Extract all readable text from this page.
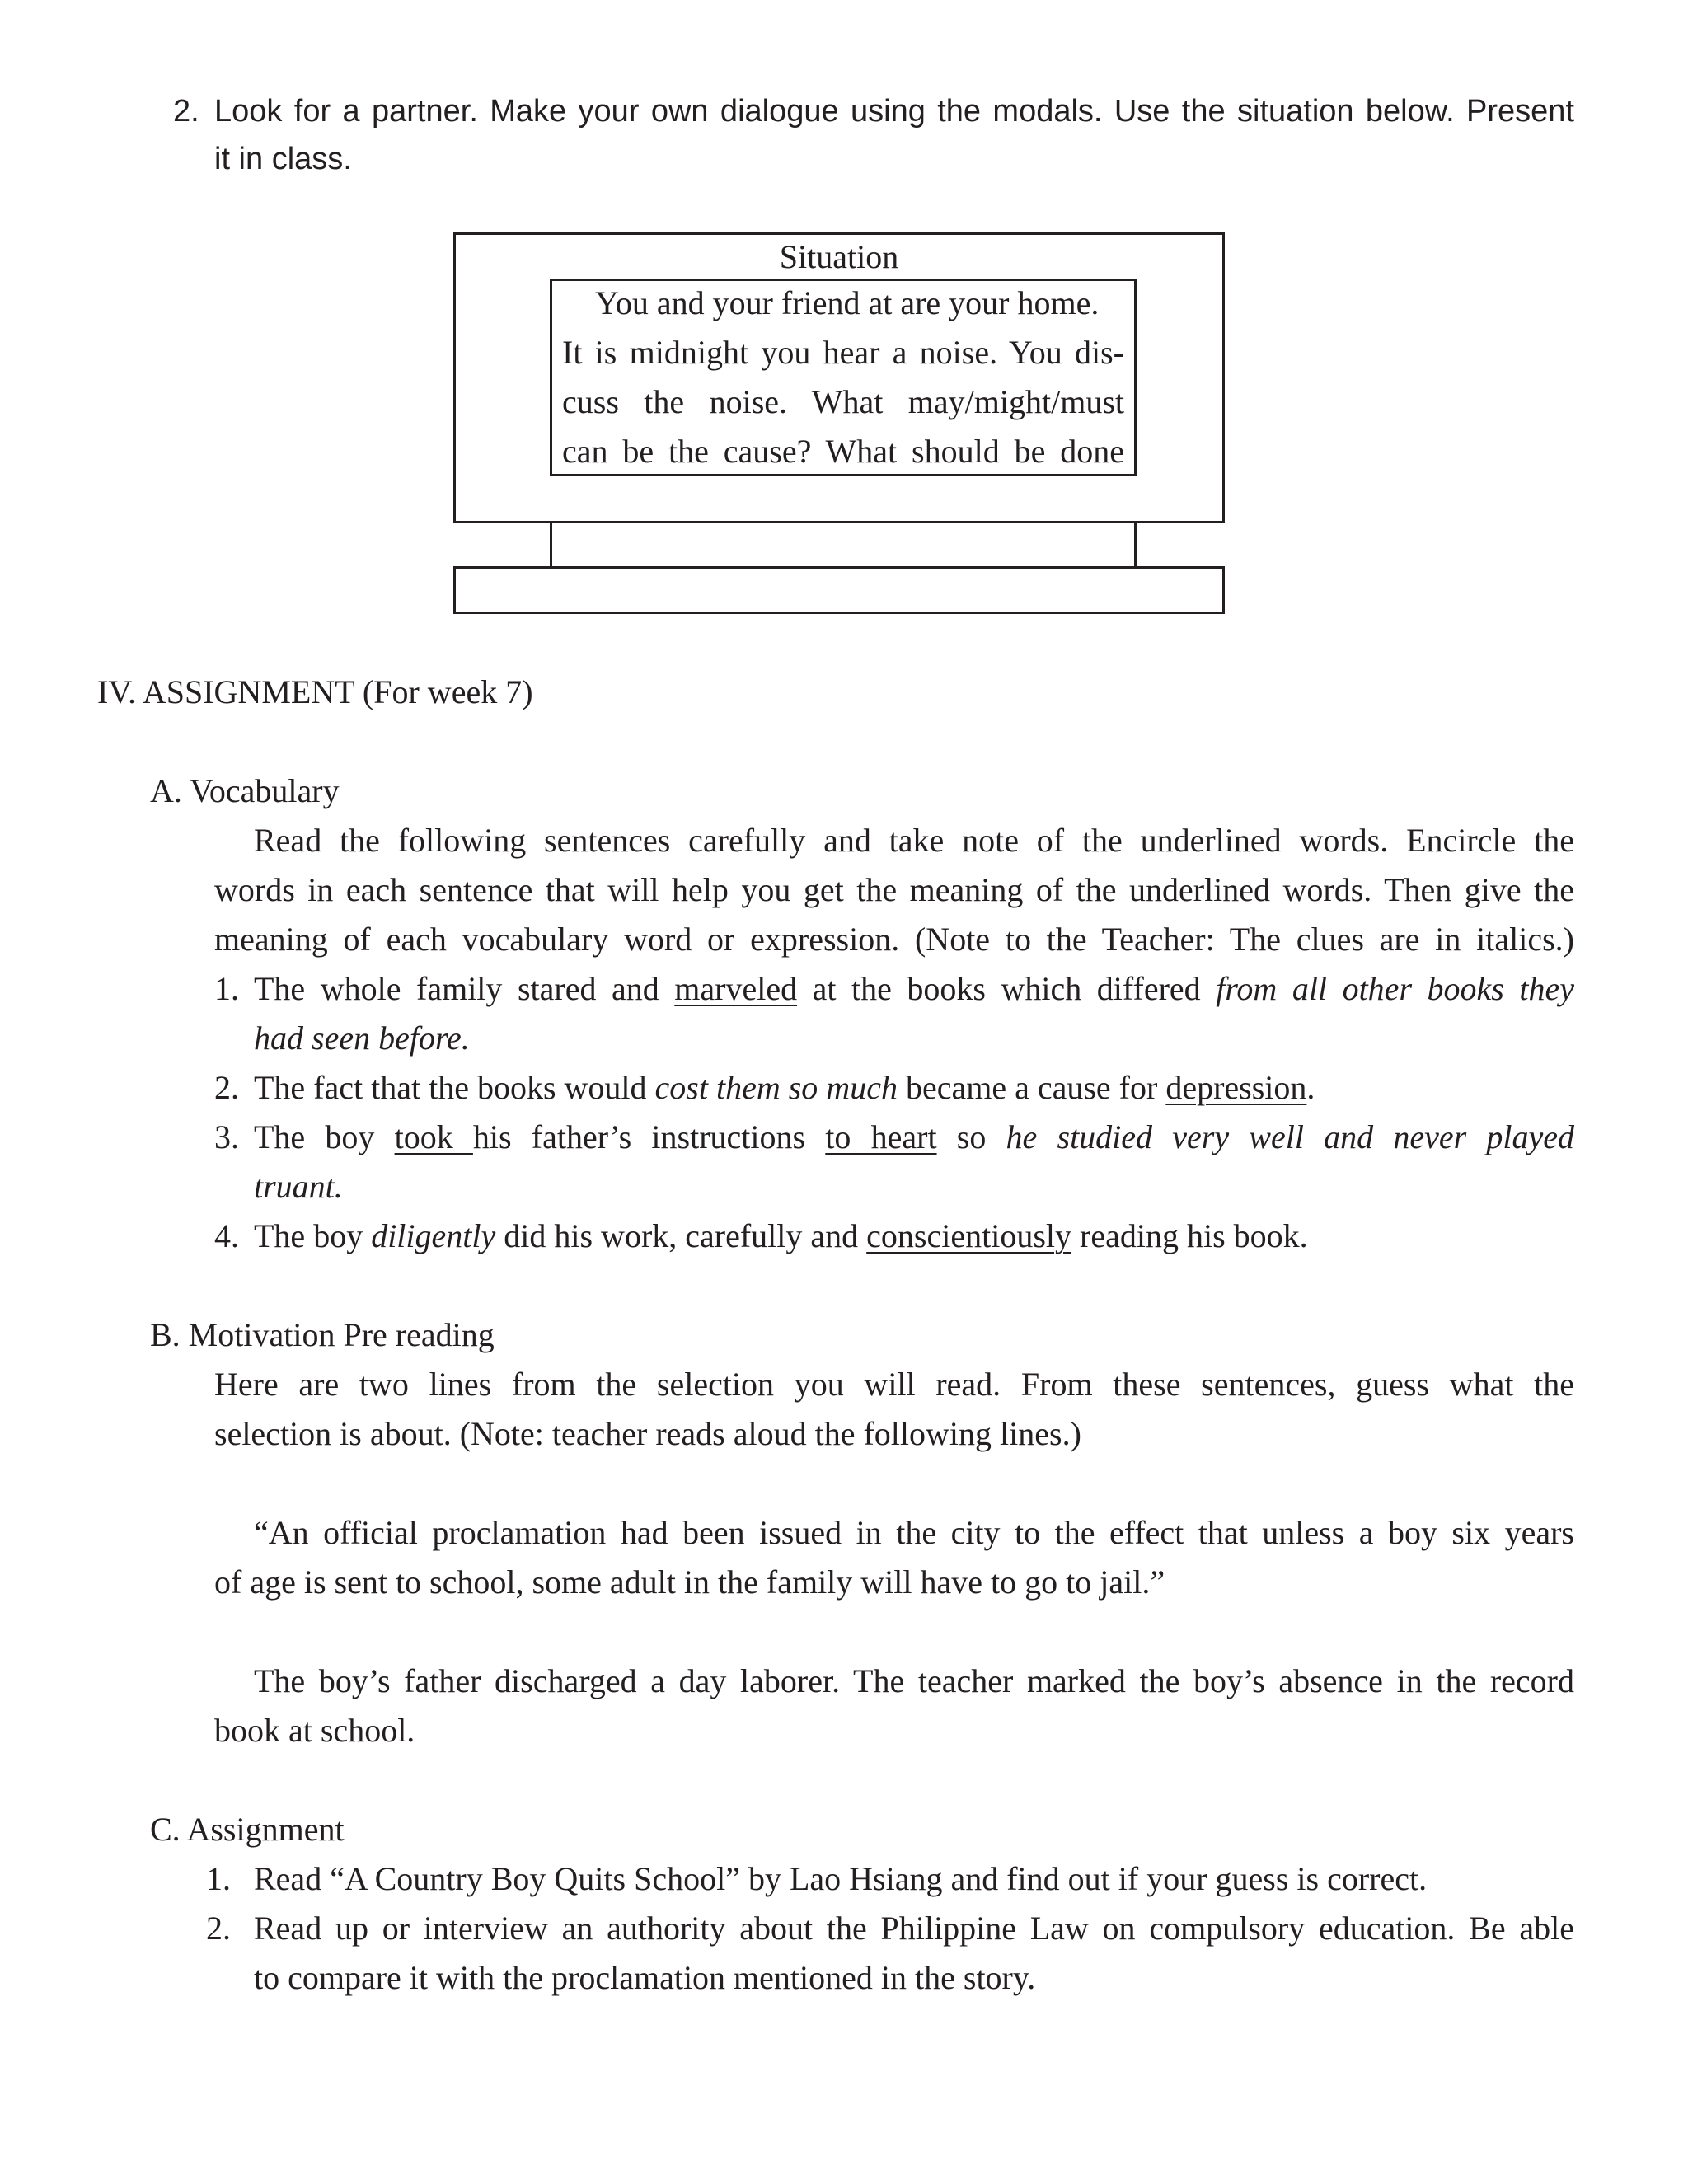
2. Look for a partner. Make your own dialogue using the modals. Use the situation below. Present
it in class.
Situation
You and your friend at are your home.
It is midnight you hear a noise. You dis-
cuss the noise. What may/might/must
can be the cause? What should be done
IV. ASSIGNMENT (For week 7)
A. Vocabulary
Read the following sentences carefully and take note of the underlined words. Encircle the
words in each sentence that will help you get the meaning of the underlined words. Then give the
meaning of each vocabulary word or expression. (Note to the Teacher: The clues are in italics.)
1. The whole family stared and marveled at the books which differed from all other books they
had seen before.
2. The fact that the books would cost them so much became a cause for depression.
3. The boy took his father’s instructions to heart so he studied very well and never played
truant.
4. The boy diligently did his work, carefully and conscientiously reading his book.
B. Motivation Pre reading
Here are two lines from the selection you will read. From these sentences, guess what the
selection is about. (Note: teacher reads aloud the following lines.)
“An official proclamation had been issued in the city to the effect that unless a boy six years
of age is sent to school, some adult in the family will have to go to jail.”
The boy’s father discharged a day laborer. The teacher marked the boy’s absence in the record
book at school.
C. Assignment
1. Read “A Country Boy Quits School” by Lao Hsiang and find out if your guess is correct.
2. Read up or interview an authority about the Philippine Law on compulsory education. Be able
to compare it with the proclamation mentioned in the story.
